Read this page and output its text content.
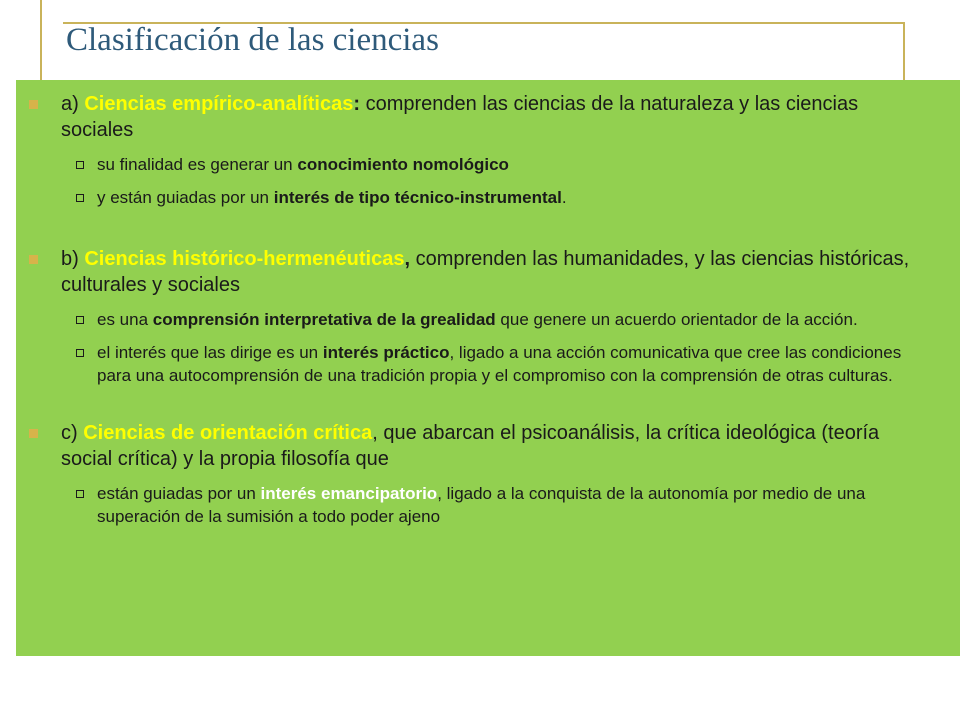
Clasificación de las ciencias
a) Ciencias empírico-analíticas: comprenden las ciencias de la naturaleza y las ciencias sociales
su finalidad es generar un conocimiento nomológico
y están guiadas por un interés de tipo técnico-instrumental.
b) Ciencias histórico-hermenéuticas, comprenden las humanidades, y las ciencias históricas, culturales y sociales
es una comprensión interpretativa de la grealidad que genere un acuerdo orientador de la acción.
el interés que las dirige es un interés práctico, ligado a una acción comunicativa que cree las condiciones para una autocomprensión de una tradición propia y el compromiso con la comprensión de otras culturas.
c) Ciencias de orientación crítica, que abarcan el psicoanálisis, la crítica ideológica (teoría social crítica) y la propia filosofía que
están guiadas por un interés emancipatorio, ligado a la conquista de la autonomía por medio de una superación de la sumisión a todo poder ajeno
